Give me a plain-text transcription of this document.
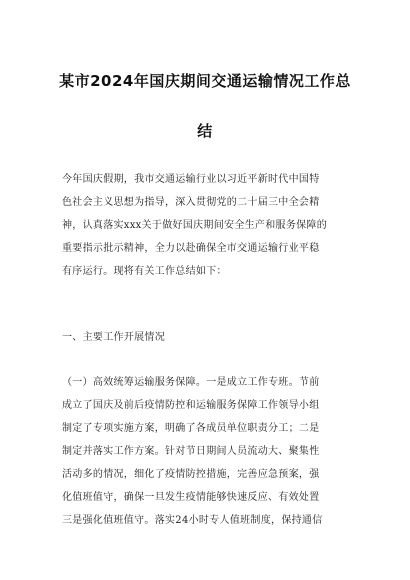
某市2024年国庆期间交通运输情况工作总
结
今年国庆假期，我市交通运输行业以习近平新时代中国特
色社会主义思想为指导，深入贯彻党的二十届三中全会精
神，认真落实xxx关于做好国庆期间安全生产和服务保障的
重要指示批示精神，全力以赴确保全市交通运输行业平稳
有序运行。现将有关工作总结如下：
一、主要工作开展情况
（一）高效统筹运输服务保障。一是成立工作专班。节前
成立了国庆及前后疫情防控和运输服务保障工作领导小组
制定了专项实施方案，明确了各成员单位职责分工；二是
制定并落实工作方案。针对节日期间人员流动大、聚集性
活动多的情况，细化了疫情防控措施，完善应急预案，强
化值班值守，确保一旦发生疫情能够快速反应、有效处置
三是强化值班值守。落实24小时专人值班制度，保持通信
